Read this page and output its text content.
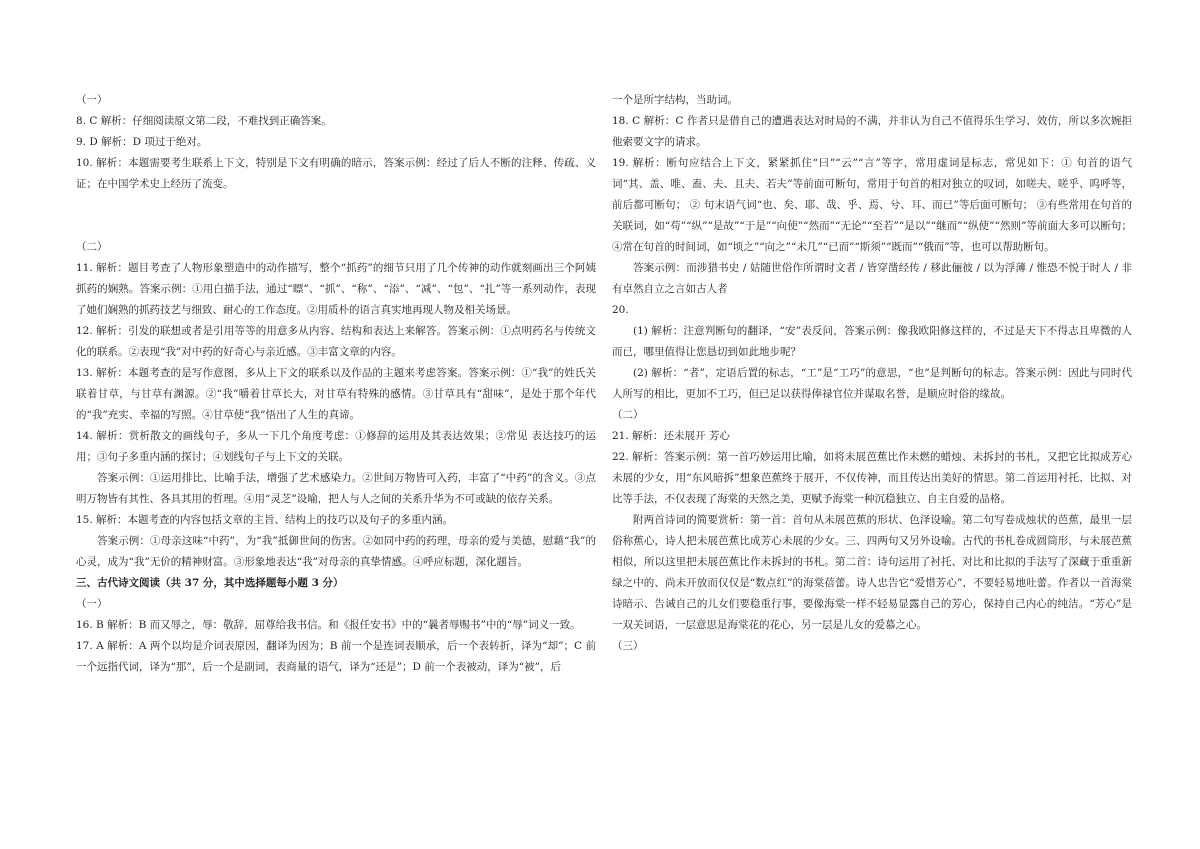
（一）

8. C 解析：仔细阅读原文第二段，不难找到正确答案。

9. D 解析：D 项过于绝对。

10. 解析：本题需要考生联系上下文，特别是下文有明确的暗示，答案示例：经过了后人不断的注释、传疏、义证；在中国学术史上经历了流变。

（二）

11. 解析：题目考查了人物形象塑造中的动作描写，整个“抓药”的细节只用了几个传神的动作就刻画出三个阿姨抓药的娴熟。答案示例：①用白描手法，通过“瞟”、“抓”、“称”、“添”、“减”、“包”、“扎”等一系列动作，表现了她们娴熟的抓药技艺与细致、耐心的工作态度。②用质朴的语言真实地再现人物及相关场景。

12. 解析：引发的联想或者是引用等等的用意多从内容、结构和表达上来解答。答案示例：①点明药名与传统文化的联系。②表现“我”对中药的好奇心与亲近感。③丰富文章的内容。

13. 解析：本题考查的是写作意图，多从上下文的联系以及作品的主题来考虑答案。答案示例：①“我”的姓氏关联着甘草，与甘草有渊源。②“我”嚼着甘草长大，对甘草有特殊的感情。③甘草具有“甜味”，是处于那个年代的“我”充实、幸福的写照。④甘草使“我”悟出了人生的真谛。

14. 解析：赏析散文的画线句子，多从一下几个角度考虑：①修辞的运用及其表达效果；②常见 表达技巧的运用；③句子多重内涵的探讨；④划线句子与上下文的关联。

答案示例：①运用排比、比喻手法，增强了艺术感染力。②世间万物皆可入药，丰富了“中药”的含义。③点明万物皆有其性、各具其用的哲理。④用“灵芝”设喻，把人与人之间的关系升华为不可或缺的依存关系。

15. 解析：本题考查的内容包括文章的主旨、结构上的技巧以及句子的多重内涵。

答案示例：①母亲这味“中药”，为“我”抵御世间的伤害。②如同中药的药理，母亲的爱与美德，慰藉“我”的心灵，成为“我”无价的精神财富。③形象地表达“我”对母亲的真挚情感。④呼应标题，深化题旨。

三、古代诗文阅读（共 37 分，其中选择题每小题 3 分）

（一）

16. B 解析：B 而又辱之，辱：敬辞，屈尊给我书信。和《报任安书》中的“曩者辱赐书”中的“辱”词义一致。

17. A 解析：A 两个以均是介词表原因，翻译为因为；B 前一个是连词表顺承，后一个表转折，译为“却”；C 前一个远指代词，译为“那”，后一个是副词，表商量的语气，译为“还是”；D 前一个表被动，译为“被”，后

一个是所字结构，当助词。

18. C 解析：C 作者只是借自己的遭遇表达对时局的不满，并非认为自己不值得乐生学习、效仿，所以多次婉拒他索要文字的请求。

19. 解析：断句应结合上下文，紧紧抓住“曰”“云”“言”等字，常用虚词是标志，常见如下：① 句首的语气词“其、盖、唯、盍、夫、且夫、若夫”等前面可断句，常用于句首的相对独立的叹词，如嗟夫、嗟乎、呜呼等，前后都可断句； ② 句末语气词“也、矣、耶、哉、乎、焉、兮、耳、而已”等后面可断句； ③有些常用在句首的关联词，如“苟”“纵”“是故”“于是”“向使”“然而”“无论”“至若”“是以”“继而”“纵使”“然则”等前面大多可以断句；④常在句首的时间词，如“顷之”“向之”“未几”“已而”“斯须”“既而”“俄而”等，也可以帮助断句。

答案示例：而涉猎书史 / 姑随世俗作所谓时文者 / 皆穿凿经传 / 移此俪彼 / 以为浮薄 / 惟恐不悦于时人 / 非有卓然自立之言如古人者

20.

(1) 解析：注意判断句的翻译，“安”表反问，答案示例：像我欧阳修这样的，不过是天下不得志且卑微的人而已，哪里值得让您恳切到如此地步呢？

(2) 解析：“者”，定语后置的标志，“工”是“工巧”的意思，“也”是判断句的标志。答案示例：因此与同时代人所写的相比，更加不工巧，但已足以获得俸禄官位并谋取名誉，是顺应时俗的缘故。

（二）

21. 解析：还未展开 芳心

22. 解析：答案示例：第一首巧妙运用比喻，如将未展芭蕉比作未燃的蜡烛、未拆封的书札，又把它比拟成芳心未展的少女，用“东风暗拆”想象芭蕉终于展开，不仅传神，而且传达出美好的情思。第二首运用衬托、比拟、对比等手法，不仅表现了海棠的天然之美，更赋予海棠一种沉稳独立、自主自爱的品格。

附两首诗词的简要赏析：第一首：首句从未展芭蕉的形状、色泽设喻。第二句写卷成烛状的芭蕉，最里一层俗称蕉心，诗人把未展芭蕉比成芳心未展的少女。三、四两句又另外设喻。古代的书札卷成圆筒形，与未展芭蕉相似，所以这里把未展芭蕉比作未拆封的书札。第二首：诗句运用了衬托、对比和比拟的手法写了深藏于重重新绿之中的、尚未开放而仅仅是“数点红”的海棠蓓蕾。诗人忠告它“爱惜芳心”，不要轻易地吐蕾。作者以一首海棠诗暗示、告诫自己的儿女们要稳重行事，要像海棠一样不轻易显露自己的芳心，保持自己内心的纯洁。“芳心”是一双关词语，一层意思是海棠花的花心，另一层是儿女的爱慕之心。

（三）
